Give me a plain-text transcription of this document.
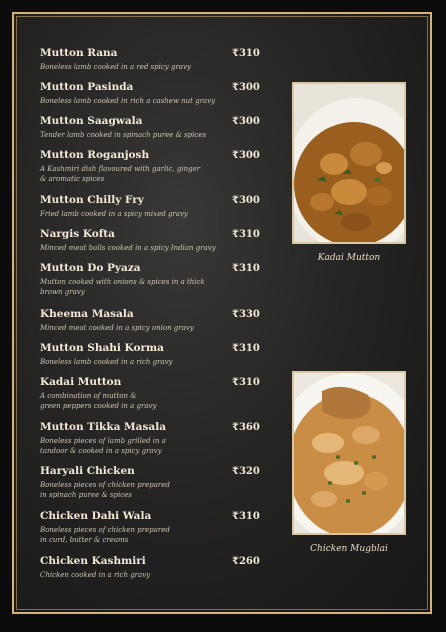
Mutton Rana
Boneless lamb cooked in a red spicy gravy
₹310
Mutton Pasinda
Boneless lamb cooked in rich a cashew nut gravy
₹300
Mutton Saagwala
Tender lamb cooked in spinach puree & spices
₹300
Mutton Roganjosh
A Kashmiri dish flavoured with garlic, ginger
& aromatic spices
₹300
Mutton Chilly Fry
Fried lamb cooked in a spicy mixed gravy
₹300
Nargis Kofta
Minced meat balls cooked in a spicy Indian gravy
₹310
Mutton Do Pyaza
Mutton cooked with onions & spices in a thick
brown gravy
₹310
Kheema Masala
Minced meat cooked in a spicy onion gravy
₹330
Mutton Shahi Korma
Boneless lamb cooked in a rich gravy
₹310
Kadai Mutton
A combination of mutton &
green peppers cooked in a gravy
₹310
Mutton Tikka Masala
Boneless pieces of lamb grilled in a
tandoor & cooked in a spicy gravy
₹360
Haryali Chicken
Boneless pieces of chicken prepared
in spinach puree & spices
₹320
Chicken Dahi Wala
Boneless pieces of chicken prepared
in curd, butter & creams
₹310
Chicken Kashmiri
Chicken cooked in a rich gravy
₹260
Kadai Mutton
Chicken Mugblai
